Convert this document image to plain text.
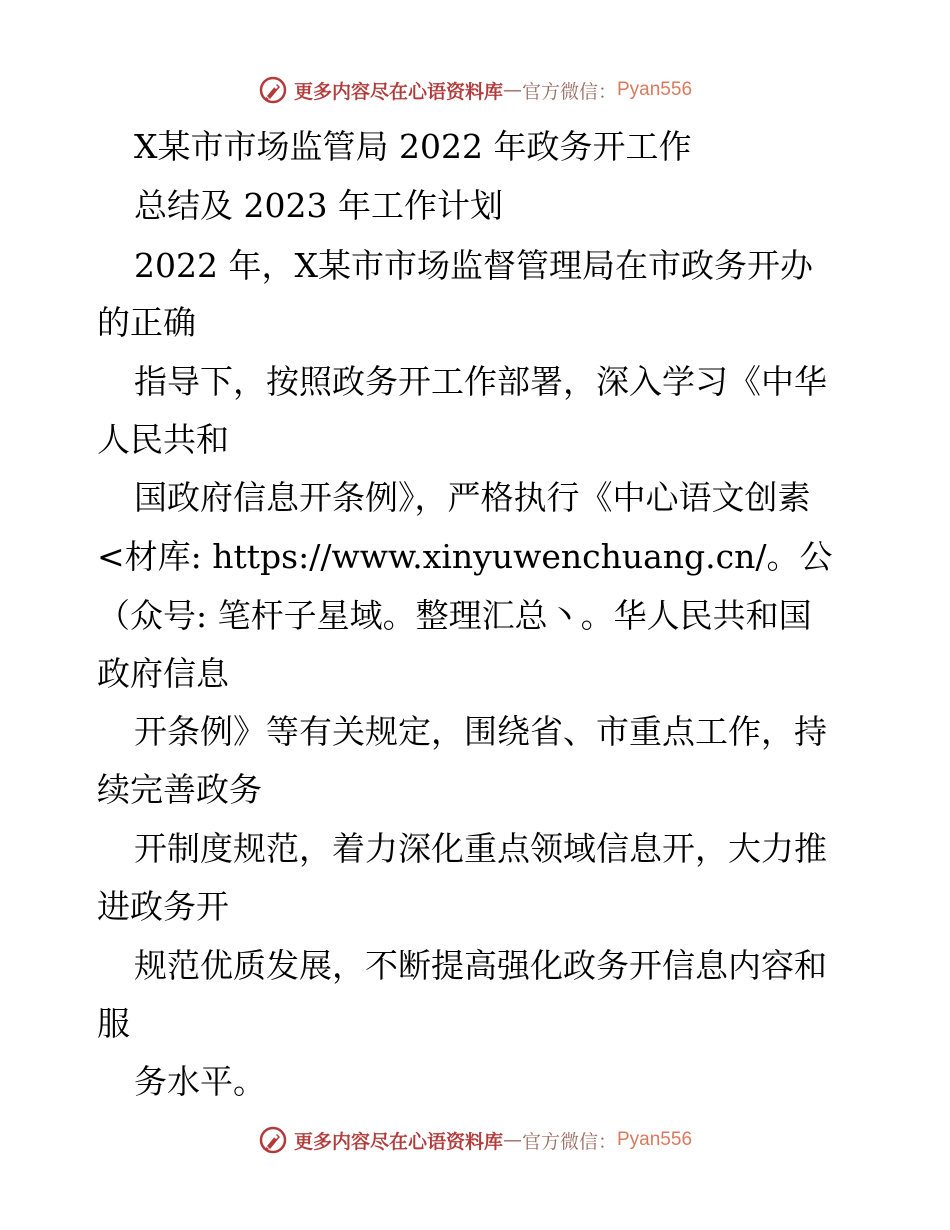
更多内容尽在心语资料库 — 官方微信： Pyan556
X某市市场监管局 2022 年政务开工作
总结及 2023 年工作计划
2022 年，X某市市场监督管理局在市政务开办
的正确
指导下，按照政务开工作部署，深入学习《中华
人民共和
国政府信息开条例》，严格执行《中心语文创素
<材库: https://www.xinyuwenchuang.cn/。公
（众号: 笔杆子星域。整理汇总丶。华人民共和国
政府信息
开条例》等有关规定，围绕省、市重点工作，持
续完善政务
开制度规范，着力深化重点领域信息开，大力推
进政务开
规范优质发展，不断提高强化政务开信息内容和
服
务水平。
更多内容尽在心语资料库 — 官方微信： Pyan556
